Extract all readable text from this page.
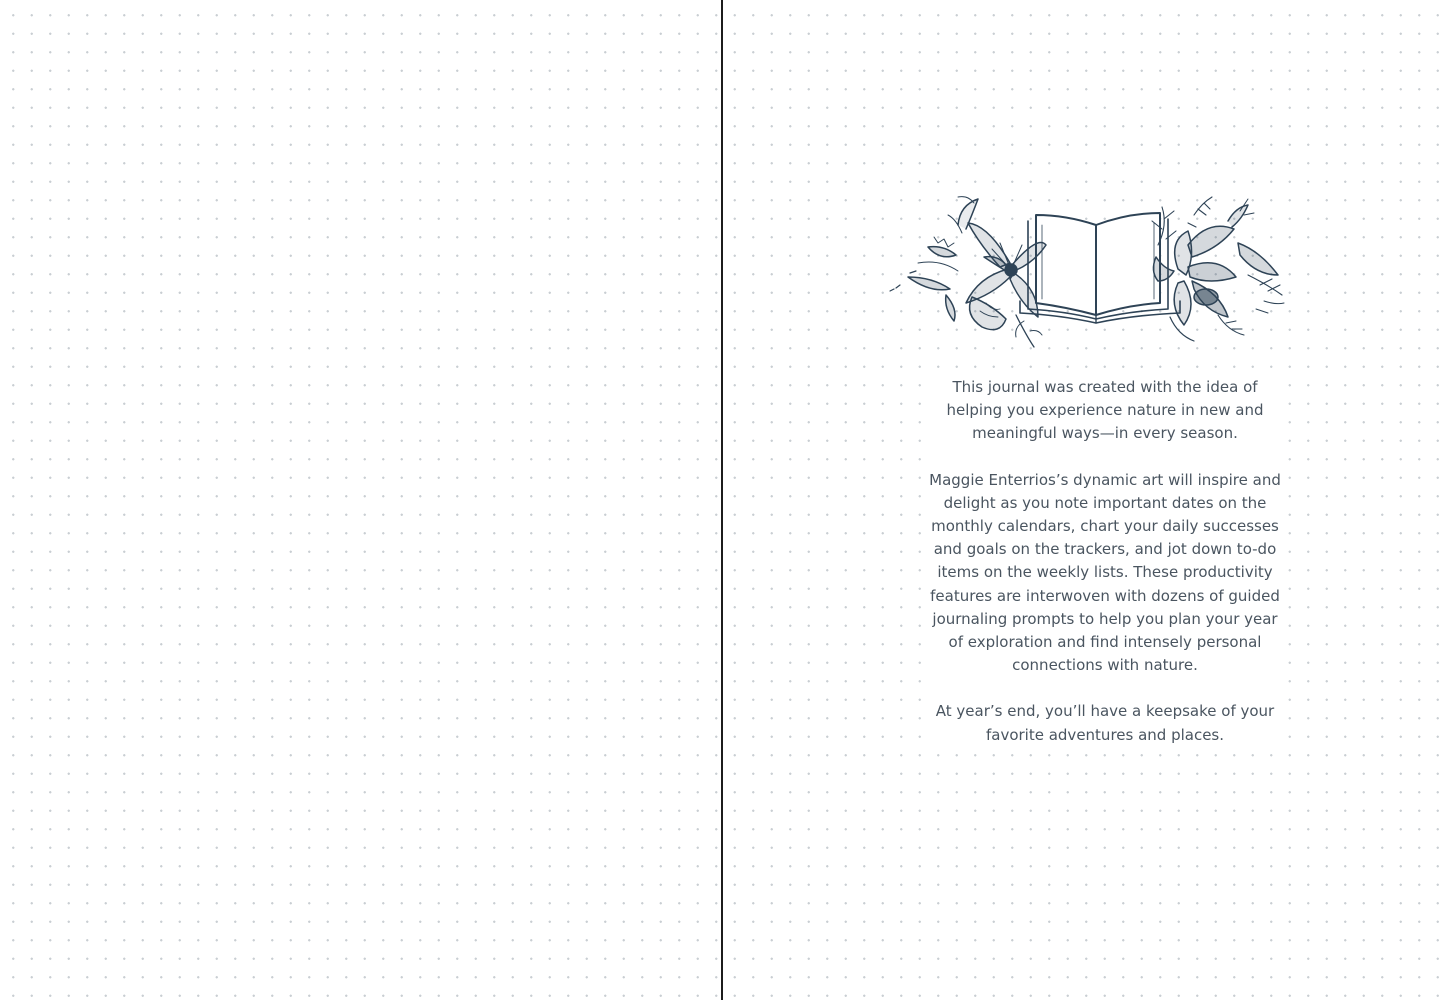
This journal was created with the idea of helping you experience nature in new and meaningful ways—in every season.

Maggie Enterrios’s dynamic art will inspire and delight as you note important dates on the monthly calendars, chart your daily successes and goals on the trackers, and jot down to-do items on the weekly lists. These productivity features are interwoven with dozens of guided journaling prompts to help you plan your year of exploration and find intensely personal connections with nature.

At year’s end, you’ll have a keepsake of your favorite adventures and places.
